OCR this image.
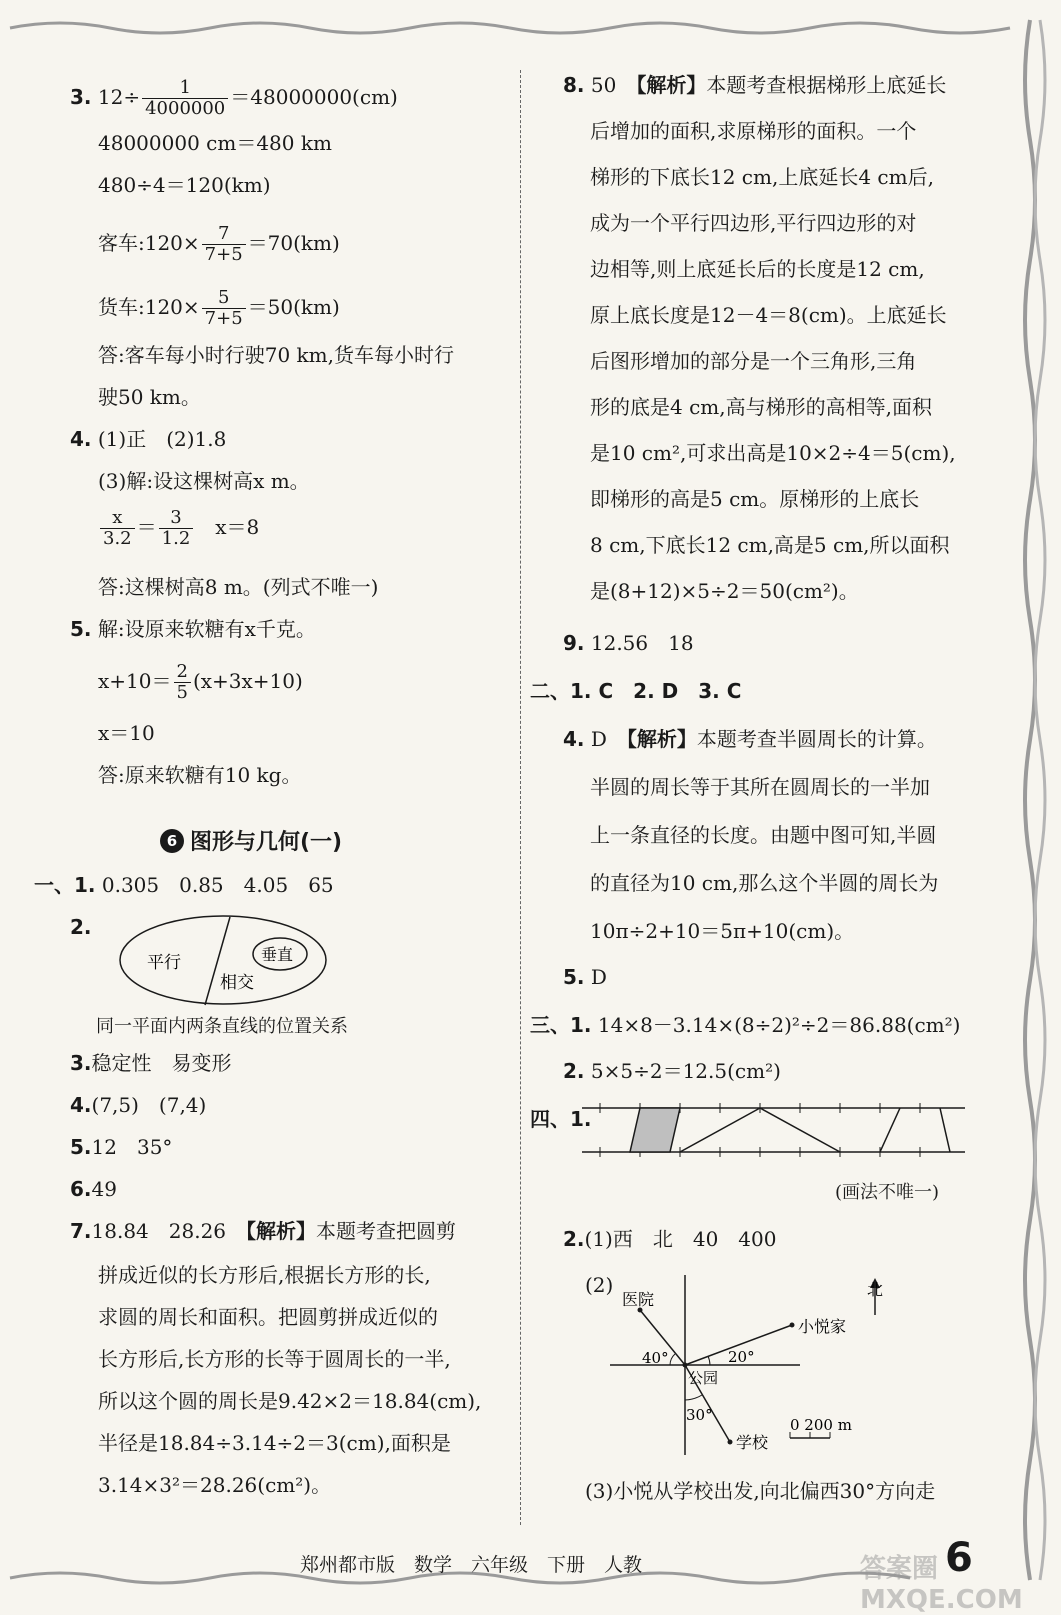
3. $12\div \frac{1}{4000000} =48000000(cm)$
48000000 cm＝480 km
480÷4＝120(km)
客车:120× $\frac{7}{7+5} =70(km)$
货车:120× $\frac{5}{7+5} =50(km)$
答:客车每小时行驶70 km,货车每小时行
驶50 km。
4. (1)正　(2)1.8
(3)解:设这棵树高x m。
$\frac{x}{3.2} = \frac{3}{1.2}$
　 x＝8
答:这棵树高8 m。(列式不唯一)
5. 解:设原来软糖有x千克。
$x+10= \frac{2}{5} (x+3x+10)$
x＝10
答:原来软糖有10 kg。
6 图形与几何(一)
一、1. 0.305　0.85　4.05　65
2.
平行
相交
垂直
同一平面内两条直线的位置关系
3.稳定性　易变形
4.(7,5)　(7,4)
5.12　35°
6.49
7.18.84　28.26　【解析】本题考查把圆剪
拼成近似的长方形后,根据长方形的长,
求圆的周长和面积。把圆剪拼成近似的
长方形后,长方形的长等于圆周长的一半,
所以这个圆的周长是9.42×2＝18.84(cm),
半径是18.84÷3.14÷2＝3(cm),面积是
3.14×3²＝28.26(cm²)。
8. 50　【解析】本题考查根据梯形上底延长
后增加的面积,求原梯形的面积。一个
梯形的下底长12 cm,上底延长4 cm后,
成为一个平行四边形,平行四边形的对
边相等,则上底延长后的长度是12 cm,
原上底长度是12－4＝8(cm)。上底延长
后图形增加的部分是一个三角形,三角
形的底是4 cm,高与梯形的高相等,面积
是10 cm²,可求出高是10×2÷4＝5(cm),
即梯形的高是5 cm。原梯形的上底长
8 cm,下底长12 cm,高是5 cm,所以面积
是(8+12)×5÷2＝50(cm²)。
9. 12.56　18
二、1. C　2. D　3. C
4. D　【解析】本题考查半圆周长的计算。
半圆的周长等于其所在圆周长的一半加
上一条直径的长度。由题中图可知,半圆
的直径为10 cm,那么这个半圆的周长为
10π÷2+10＝5π+10(cm)。
5. D
三、1. 14×8－3.14×(8÷2)²÷2＝86.88(cm²)
2. 5×5÷2＝12.5(cm²)
四、1.
(画法不唯一)
2.(1)西　北　40　400
(2)	北
医院
小悦家
公园
学校
40°	20°
30°
0 200 m
(3)小悦从学校出发,向北偏西30°方向走
郑州都市版　数学　六年级　下册　人教	答案圈 MXQE.COM
6
